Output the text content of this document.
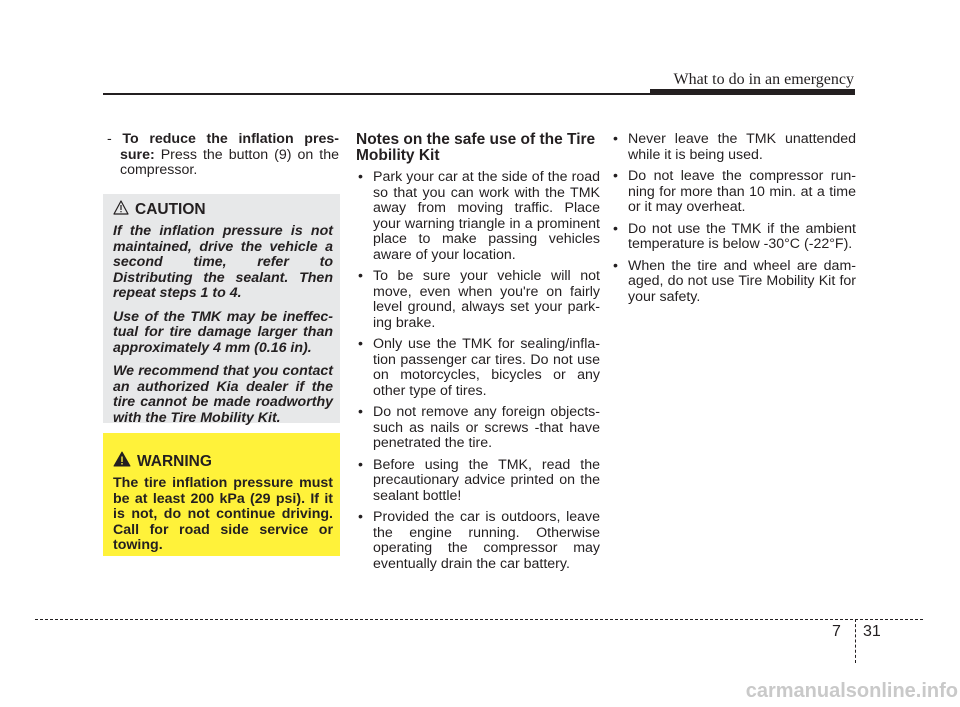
What to do in an emergency
- To reduce the inflation pres-sure: Press the button (9) on the compressor.
CAUTION

If the inflation pressure is not maintained, drive the vehicle a second time, refer to Distributing the sealant. Then repeat steps 1 to 4.

Use of the TMK may be ineffec-tual for tire damage larger than approximately 4 mm (0.16 in).

We recommend that you contact an authorized Kia dealer if the tire cannot be made roadworthy with the Tire Mobility Kit.

WARNING

The tire inflation pressure must be at least 200 kPa (29 psi). If it is not, do not continue driving. Call for road side service or towing.

Notes on the safe use of the Tire Mobility Kit
• Park your car at the side of the road so that you can work with the TMK away from moving traffic. Place your warning triangle in a prominent place to make passing vehicles aware of your location.
• To be sure your vehicle will not move, even when you're on fairly level ground, always set your park-ing brake.
• Only use the TMK for sealing/infla-tion passenger car tires. Do not use on motorcycles, bicycles or any other type of tires.
• Do not remove any foreign objects-such as nails or screws -that have penetrated the tire.
• Before using the TMK, read the precautionary advice printed on the sealant bottle!
• Provided the car is outdoors, leave the engine running. Otherwise operating the compressor may eventually drain the car battery.
• Never leave the TMK unattended while it is being used.
• Do not leave the compressor run-ning for more than 10 min. at a time or it may overheat.
• Do not use the TMK if the ambient temperature is below -30°C (-22°F).
• When the tire and wheel are dam-aged, do not use Tire Mobility Kit for your safety.
7 31
carmanualsonline.info
